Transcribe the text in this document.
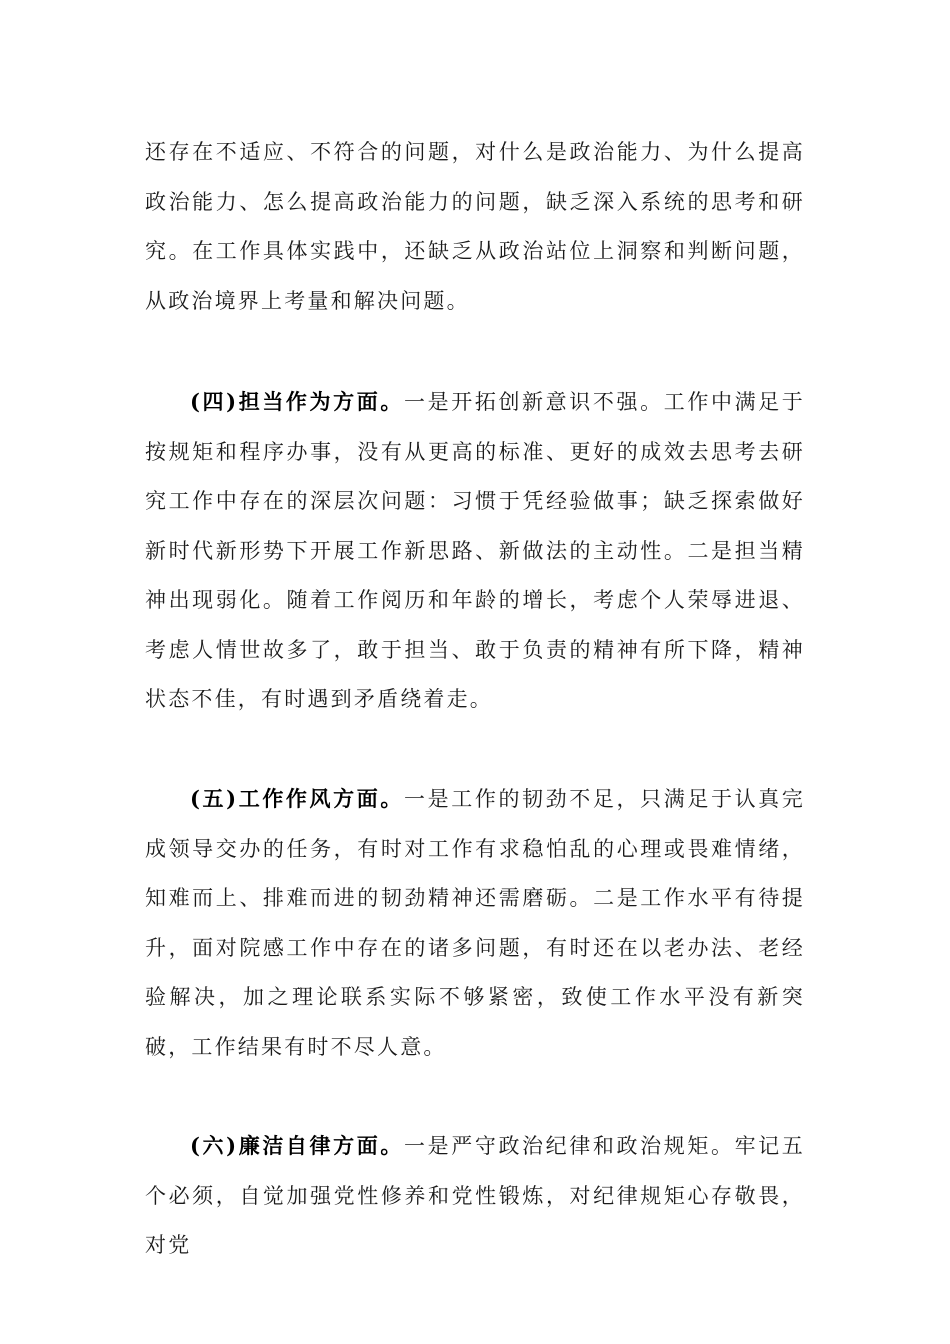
还存在不适应、不符合的问题，对什么是政治能力、为什么提高政治能力、怎么提高政治能力的问题，缺乏深入系统的思考和研究。在工作具体实践中，还缺乏从政治站位上洞察和判断问题，从政治境界上考量和解决问题。

(四)担当作为方面。一是开拓创新意识不强。工作中满足于按规矩和程序办事，没有从更高的标准、更好的成效去思考去研究工作中存在的深层次问题：习惯于凭经验做事；缺乏探索做好新时代新形势下开展工作新思路、新做法的主动性。二是担当精神出现弱化。随着工作阅历和年龄的增长，考虑个人荣辱进退、考虑人情世故多了，敢于担当、敢于负责的精神有所下降，精神状态不佳，有时遇到矛盾绕着走。

(五)工作作风方面。一是工作的韧劲不足，只满足于认真完成领导交办的任务，有时对工作有求稳怕乱的心理或畏难情绪，知难而上、排难而进的韧劲精神还需磨砺。二是工作水平有待提升，面对院感工作中存在的诸多问题，有时还在以老办法、老经验解决，加之理论联系实际不够紧密，致使工作水平没有新突破，工作结果有时不尽人意。

(六)廉洁自律方面。一是严守政治纪律和政治规矩。牢记五个必须，自觉加强党性修养和党性锻炼，对纪律规矩心存敬畏，对党
